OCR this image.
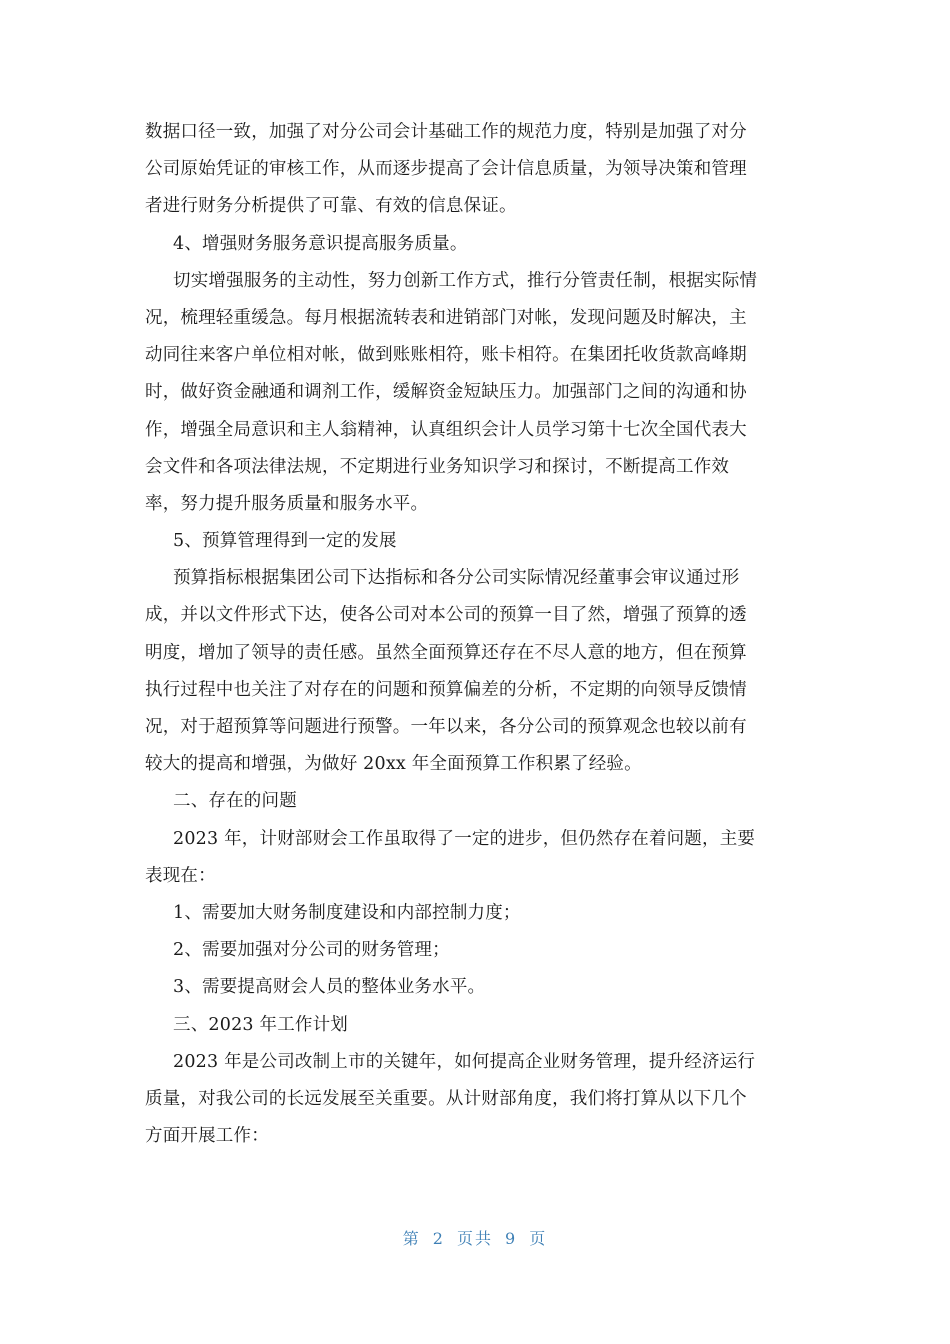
数据口径一致，加强了对分公司会计基础工作的规范力度，特别是加强了对分
公司原始凭证的审核工作，从而逐步提高了会计信息质量，为领导决策和管理
者进行财务分析提供了可靠、有效的信息保证。
4、增强财务服务意识提高服务质量。
切实增强服务的主动性，努力创新工作方式，推行分管责任制，根据实际情
况，梳理轻重缓急。每月根据流转表和进销部门对帐，发现问题及时解决，主
动同往来客户单位相对帐，做到账账相符，账卡相符。在集团托收货款高峰期
时，做好资金融通和调剂工作，缓解资金短缺压力。加强部门之间的沟通和协
作，增强全局意识和主人翁精神，认真组织会计人员学习第十七次全国代表大
会文件和各项法律法规，不定期进行业务知识学习和探讨，不断提高工作效
率，努力提升服务质量和服务水平。
5、预算管理得到一定的发展
预算指标根据集团公司下达指标和各分公司实际情况经董事会审议通过形
成，并以文件形式下达，使各公司对本公司的预算一目了然，增强了预算的透
明度，增加了领导的责任感。虽然全面预算还存在不尽人意的地方，但在预算
执行过程中也关注了对存在的问题和预算偏差的分析，不定期的向领导反馈情
况，对于超预算等问题进行预警。一年以来，各分公司的预算观念也较以前有
较大的提高和增强，为做好 20xx 年全面预算工作积累了经验。
二、存在的问题
2023 年，计财部财会工作虽取得了一定的进步，但仍然存在着问题，主要
表现在：
1、需要加大财务制度建设和内部控制力度；
2、需要加强对分公司的财务管理；
3、需要提高财会人员的整体业务水平。
三、2023 年工作计划
2023 年是公司改制上市的关键年，如何提高企业财务管理，提升经济运行
质量，对我公司的长远发展至关重要。从计财部角度，我们将打算从以下几个
方面开展工作：
第 2 页共 9 页
